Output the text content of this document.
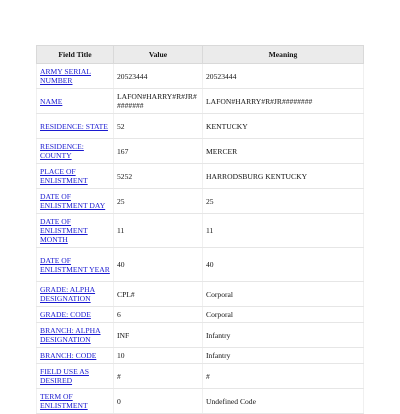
Field Title	Value	Meaning
ARMY SERIAL NUMBER	20523444	20523444
NAME	LAFON#HARRY#R#JR########	LAFON#HARRY#R#JR########
RESIDENCE: STATE	52	KENTUCKY
RESIDENCE: COUNTY	167	MERCER
PLACE OF ENLISTMENT	5252	HARRODSBURG KENTUCKY
DATE OF ENLISTMENT DAY	25	25
DATE OF ENLISTMENT MONTH	11	11
DATE OF ENLISTMENT YEAR	40	40
GRADE: ALPHA DESIGNATION	CPL#	Corporal
GRADE: CODE	6	Corporal
BRANCH: ALPHA DESIGNATION	INF	Infantry
BRANCH: CODE	10	Infantry
FIELD USE AS DESIRED	#	#
TERM OF ENLISTMENT	0	Undefined Code
